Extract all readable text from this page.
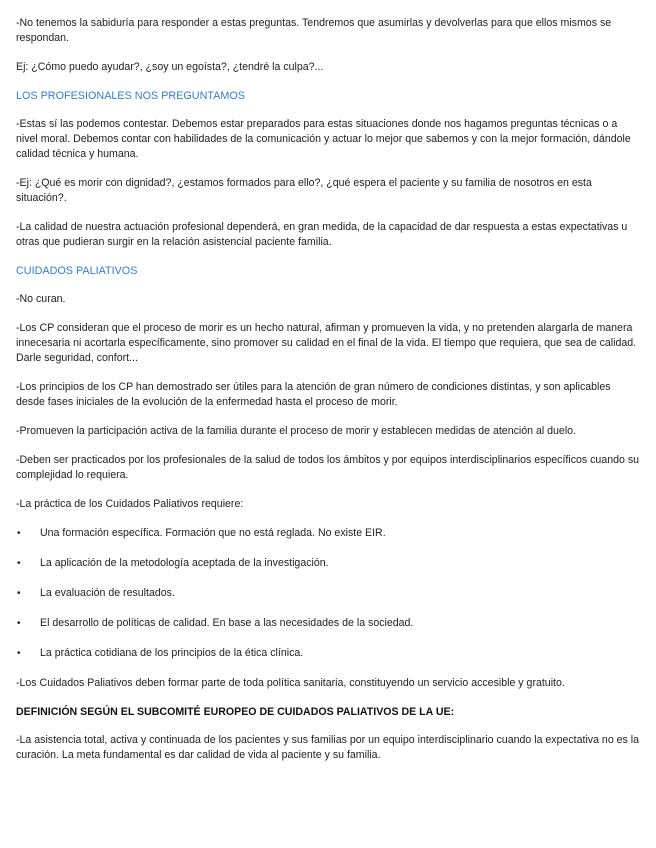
-No tenemos la sabiduría para responder a estas preguntas. Tendremos que asumirlas y devolverlas para que ellos mismos se respondan.

Ej: ¿Cómo puedo ayudar?, ¿soy un egoísta?, ¿tendré la culpa?...

LOS PROFESIONALES NOS PREGUNTAMOS

-Estas sí las podemos contestar. Debemos estar preparados para estas situaciones donde nos hagamos preguntas técnicas o a nivel moral. Debemos contar con habilidades de la comunicación y actuar lo mejor que sabemos y con la mejor formación, dándole calidad técnica y humana.

-Ej: ¿Qué es morir con dignidad?, ¿estamos formados para ello?, ¿qué espera el paciente y su familia de nosotros en esta situación?.

-La calidad de nuestra actuación profesional dependerá, en gran medida, de la capacidad de dar respuesta a estas expectativas u otras que pudieran surgir en la relación asistencial paciente familia.

CUIDADOS PALIATIVOS

-No curan.

-Los CP consideran que el proceso de morir es un hecho natural, afirman y promueven la vida, y no pretenden alargarla de manera innecesaria ni acortarla específicamente, sino promover su calidad en el final de la vida. El tiempo que requiera, que sea de calidad. Darle seguridad, confort...

-Los principios de los CP han demostrado ser útiles para la atención de gran número de condiciones distintas, y son aplicables desde fases iniciales de la evolución de la enfermedad hasta el proceso de morir.

-Promueven la participación activa de la familia durante el proceso de morir y establecen medidas de atención al duelo.

-Deben ser practicados por los profesionales de la salud de todos los ámbitos y por equipos interdisciplinarios específicos cuando su complejidad lo requiera.

-La práctica de los Cuidados Paliativos requiere:

• Una formación específica. Formación que no está reglada. No existe EIR.
• La aplicación de la metodología aceptada de la investigación.
• La evaluación de resultados.
• El desarrollo de políticas de calidad. En base a las necesidades de la sociedad.
• La práctica cotidiana de los principios de la ética clínica.

-Los Cuidados Paliativos deben formar parte de toda política sanitaria, constituyendo un servicio accesible y gratuito.

DEFINICIÓN SEGÚN EL SUBCOMITÉ EUROPEO DE CUIDADOS PALIATIVOS DE LA UE:

-La asistencia total, activa y continuada de los pacientes y sus familias por un equipo interdisciplinario cuando la expectativa no es la curación. La meta fundamental es dar calidad de vida al paciente y su familia.
